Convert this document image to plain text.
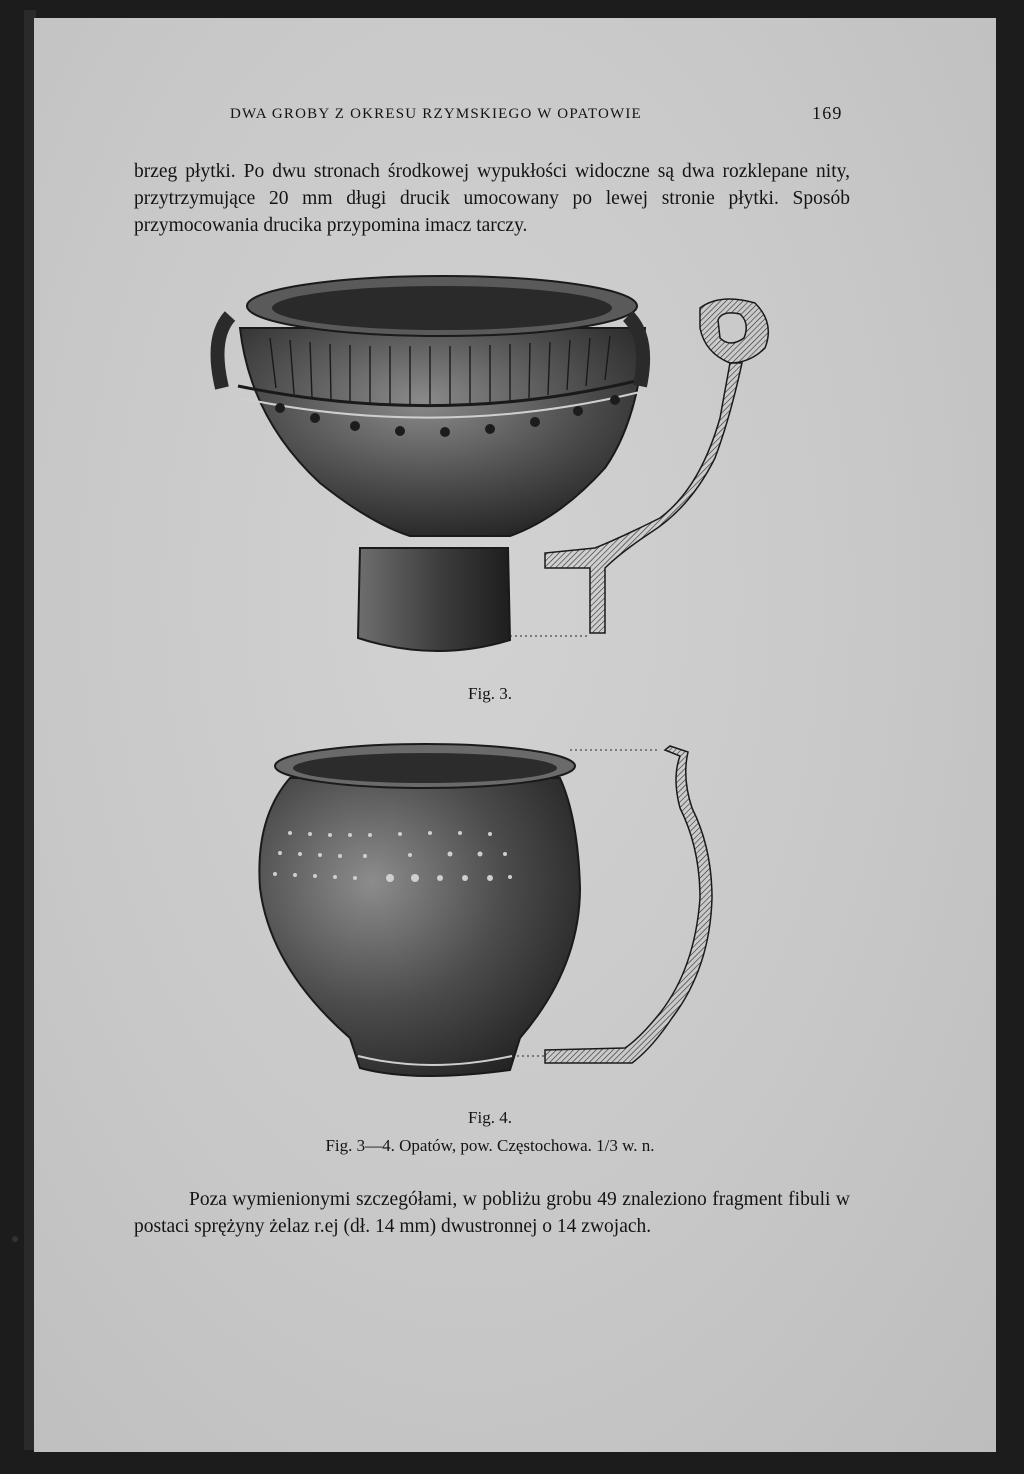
DWA GROBY Z OKRESU RZYMSKIEGO W OPATOWIE	169
brzeg płytki. Po dwu stronach środkowej wypukłości widoczne są dwa rozklepane nity, przytrzymujące 20 mm długi drucik umocowany po lewej stronie płytki. Sposób przymocowania drucika przypomina imacz tarczy.
Fig. 3.
Fig. 4.
Fig. 3—4. Opatów, pow. Częstochowa. 1/3 w. n.
Poza wymienionymi szczegółami, w pobliżu grobu 49 znaleziono fragment fibuli w postaci sprężyny żelaz r.ej (dł. 14 mm) dwustronnej o 14 zwojach.
